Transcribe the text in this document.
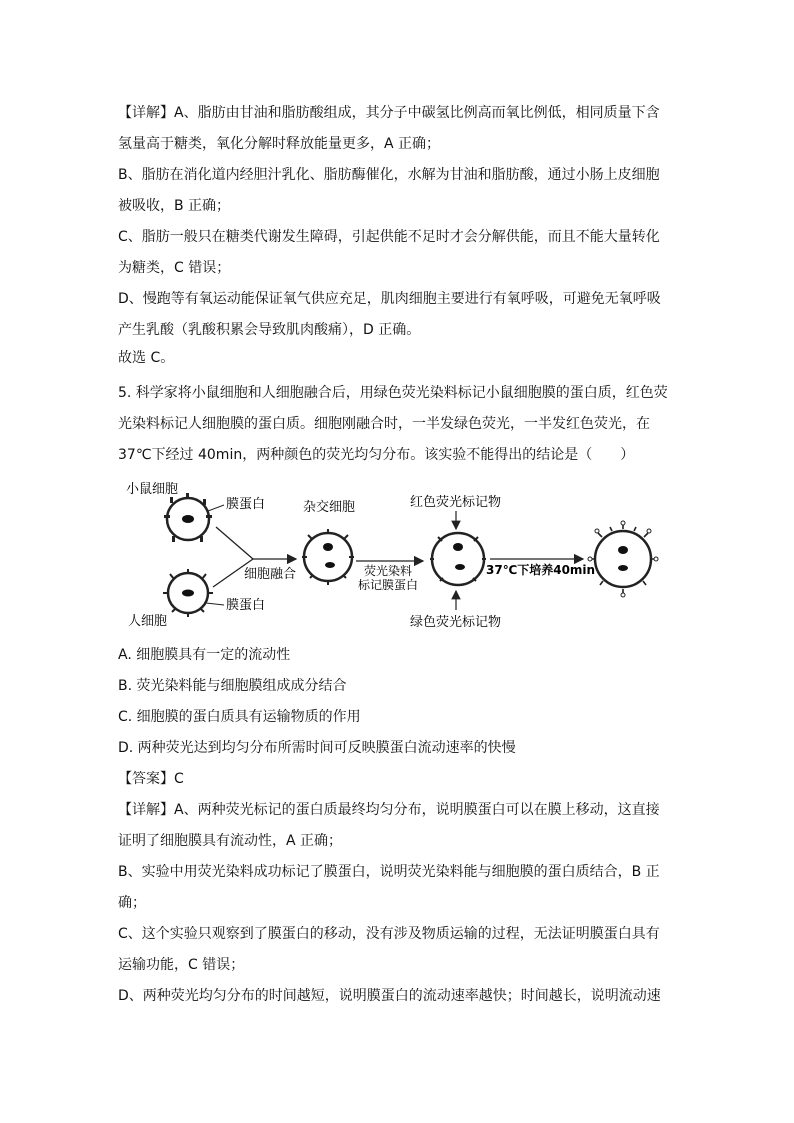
【详解】A、脂肪由甘油和脂肪酸组成，其分子中碳氢比例高而氧比例低，相同质量下含

氢量高于糖类，氧化分解时释放能量更多，A 正确；

B、脂肪在消化道内经胆汁乳化、脂肪酶催化，水解为甘油和脂肪酸，通过小肠上皮细胞

被吸收，B 正确；

C、脂肪一般只在糖类代谢发生障碍，引起供能不足时才会分解供能，而且不能大量转化

为糖类，C 错误；

D、慢跑等有氧运动能保证氧气供应充足，肌肉细胞主要进行有氧呼吸，可避免无氧呼吸

产生乳酸（乳酸积累会导致肌肉酸痛），D 正确。

故选 C。

5. 科学家将小鼠细胞和人细胞融合后，用绿色荧光染料标记小鼠细胞膜的蛋白质，红色荧

光染料标记人细胞膜的蛋白质。细胞刚融合时，一半发绿色荧光，一半发红色荧光，在

37℃下经过 40min，两种颜色的荧光均匀分布。该实验不能得出的结论是（　　）

小鼠细胞
膜蛋白
人细胞
膜蛋白
细胞融合
杂交细胞
荧光染料
标记膜蛋白
红色荧光标记物
绿色荧光标记物
37℃下培养40min

A. 细胞膜具有一定的流动性

B. 荧光染料能与细胞膜组成成分结合

C. 细胞膜的蛋白质具有运输物质的作用

D. 两种荧光达到均匀分布所需时间可反映膜蛋白流动速率的快慢

【答案】C

【详解】A、两种荧光标记的蛋白质最终均匀分布，说明膜蛋白可以在膜上移动，这直接

证明了细胞膜具有流动性，A 正确；

B、实验中用荧光染料成功标记了膜蛋白，说明荧光染料能与细胞膜的蛋白质结合，B 正

确；

C、这个实验只观察到了膜蛋白的移动，没有涉及物质运输的过程，无法证明膜蛋白具有

运输功能，C 错误；

D、两种荧光均匀分布的时间越短，说明膜蛋白的流动速率越快；时间越长，说明流动速
